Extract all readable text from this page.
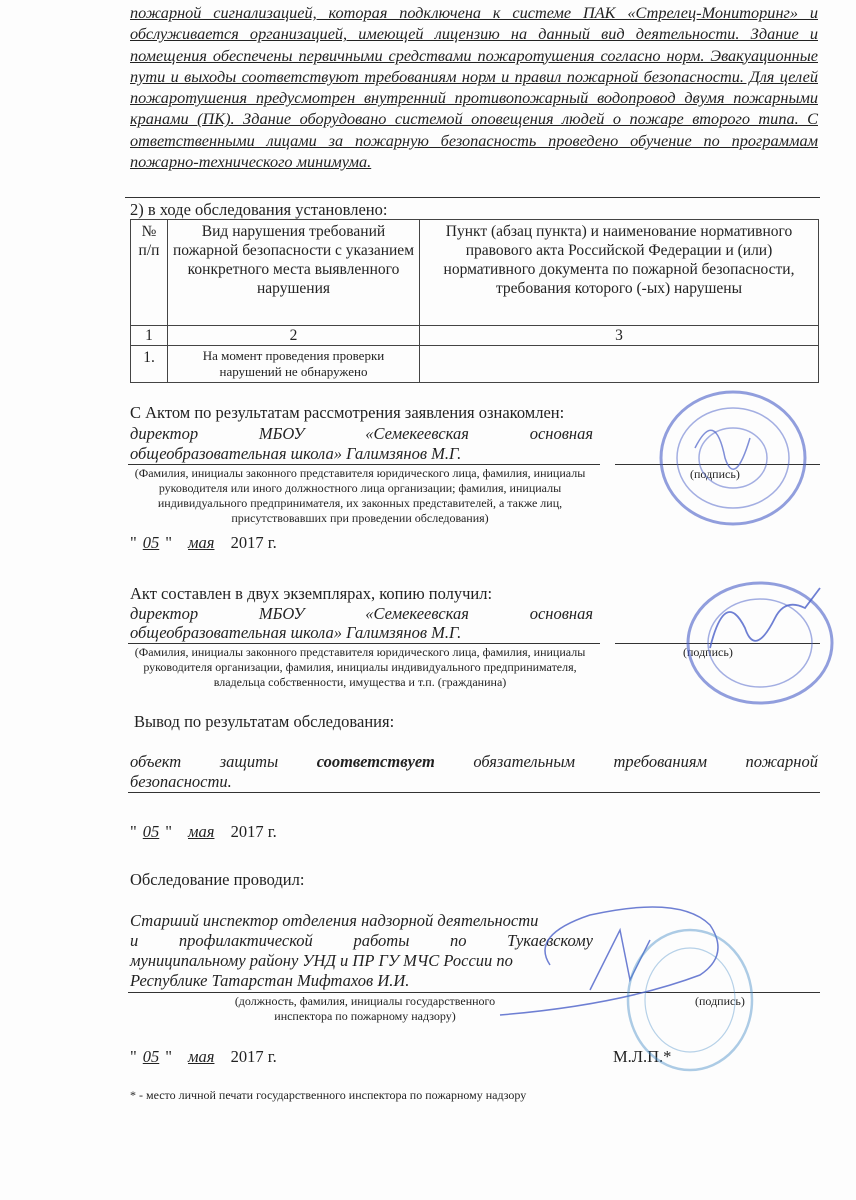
пожарной сигнализацией, которая подключена к системе ПАК «Стрелец-Мониторинг» и обслуживается организацией, имеющей лицензию на данный вид деятельности. Здание и помещения обеспечены первичными средствами пожаротушения согласно норм. Эвакуационные пути и выходы соответствуют требованиям норм и правил пожарной безопасности. Для целей пожаротушения предусмотрен внутренний противопожарный водопровод двумя пожарными кранами (ПК). Здание оборудовано системой оповещения людей о пожаре второго типа. С ответственными лицами за пожарную безопасность проведено обучение по программам пожарно-технического минимума.
2) в ходе обследования установлено:
№ п/п	Вид нарушения требований пожарной безопасности с указанием конкретного места выявленного нарушения	Пункт (абзац пункта) и наименование нормативного правового акта Российской Федерации и (или) нормативного документа по пожарной безопасности, требования которого (-ых) нарушены
1	2	3
1.	На момент проведения проверки нарушений не обнаружено	
С Актом по результатам рассмотрения заявления ознакомлен:
директор	МБОУ	«Семекеевская	основная
общеобразовательная школа» Галимзянов М.Г.
(Фамилия, инициалы законного представителя юридического лица, фамилия, инициалы руководителя или иного должностного лица организации; фамилия, инициалы индивидуального предпринимателя, их законных представителей, а также лиц, присутствовавших при проведении обследования)
(подпись)
" 05 " мая 2017 г.
Акт составлен в двух экземплярах, копию получил:
директор	МБОУ	«Семекеевская	основная
общеобразовательная школа» Галимзянов М.Г.
(Фамилия, инициалы законного представителя юридического лица, фамилия, инициалы руководителя организации, фамилия, инициалы индивидуального предпринимателя, владельца собственности, имущества и т.п. (гражданина)
(подпись)
Вывод по результатам обследования:
объект защиты соответствует обязательным требованиям пожарной
безопасности.
" 05 " мая 2017 г.
Обследование проводил:
Старший инспектор отделения надзорной деятельности
и профилактической работы по Тукаевскому
муниципальному району УНД и ПР ГУ МЧС России по
Республике Татарстан Мифтахов И.И.
(должность, фамилия, инициалы государственного инспектора по пожарному надзору)
(подпись)
" 05 " мая 2017 г.	М.Л.П.*
* - место личной печати государственного инспектора по пожарному надзору
